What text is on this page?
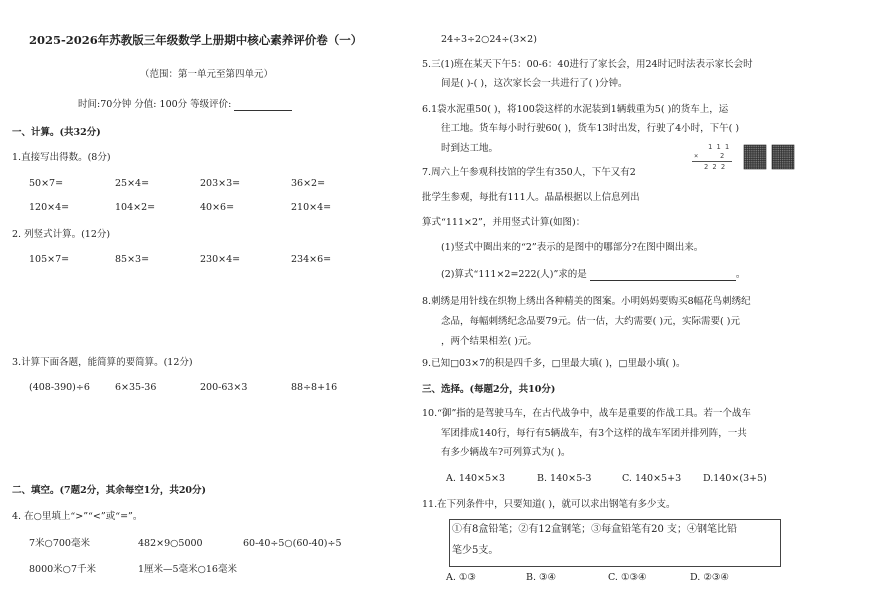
2025-2026年苏教版三年级数学上册期中核心素养评价卷（一）
（范围：第一单元至第四单元）
时间:70分钟 分值: 100分 等级评价:
一、计算。(共32分)
1.直接写出得数。(8分)
50×7=	25×4=	203×3=	36×2=
120×4=	104×2=	40×6=	210×4=
2. 列竖式计算。(12分)
105×7=	85×3=	230×4=	234×6=
3.计算下面各题，能简算的要简算。(12分)
(408-390)÷6	6×35-36	200-63×3	88÷8+16
二、填空。(7题2分，其余每空1分，共20分)
4. 在○里填上“>”“<”或“=”。
7米○700毫米	482×9○5000	60-40÷5○(60-40)÷5
8000米○7千米	1厘米—5毫米○16毫米
24÷3÷2○24÷(3×2)
5.三(1)班在某天下午5：00-6：40进行了家长会，用24时记时法表示家长会时
间是( )-( )，这次家长会一共进行了( )分钟。
6.1袋水泥重50( )，将100袋这样的水泥装到1辆载重为5( )的货车上，运
往工地。货车每小时行驶60( )，货车13时出发，行驶了4小时，下午( )
时到达工地。
7.周六上午参观科技馆的学生有350人，下午又有2
批学生参观，每批有111人。晶晶根据以上信息列出
算式“111×2”，并用竖式计算(如图)：
1 1 1
×	2
2 2 2
(1)竖式中圈出来的“2”表示的是图中的哪部分?在图中圈出来。
(2)算式“111×2=222(人)”求的是	。
8.刺绣是用针线在织物上绣出各种精美的图案。小明妈妈要购买8幅花鸟刺绣纪
念品，每幅刺绣纪念品要79元。估一估，大约需要( )元，实际需要( )元
，两个结果相差( )元。
9.已知□03×7的积是四千多，□里最大填( )，□里最小填( )。
三、选择。(每题2分，共10分)
10.“御”指的是驾驶马车，在古代战争中，战车是重要的作战工具。若一个战车
军团排成140行，每行有5辆战车，有3个这样的战车军团并排列阵，一共
有多少辆战车?可列算式为( )。
A. 140×5×3	B. 140×5-3	C. 140×5+3 D.140×(3+5)
11.在下列条件中，只要知道( )，就可以求出钢笔有多少支。
①有8盒铅笔；②有12盒钢笔；③每盒铅笔有20 支；④钢笔比铅
笔少5支。
A. ①③	B. ③④	C. ①③④	D. ②③④
